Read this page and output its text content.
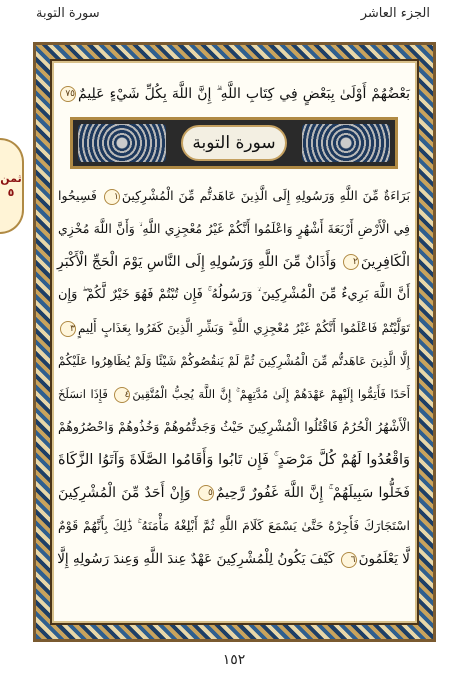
الجزء العاشر
سورة التوبة
ثمن
٥
سورة التوبة
بَعْضُهُمْ أَوْلَىٰ بِبَعْضٍ فِي كِتَابِ اللَّهِ ۗ إِنَّ اللَّهَ بِكُلِّ شَيْءٍ عَلِيمٌ٧٥
بَرَاءَةٌ مِّنَ اللَّهِ وَرَسُولِهِ إِلَى الَّذِينَ عَاهَدتُّم مِّنَ الْمُشْرِكِينَ١ فَسِيحُوا
فِي الْأَرْضِ أَرْبَعَةَ أَشْهُرٍ وَاعْلَمُوا أَنَّكُمْ غَيْرُ مُعْجِزِي اللَّهِ ۙ وَأَنَّ اللَّهَ مُخْزِي
الْكَافِرِينَ٢ وَأَذَانٌ مِّنَ اللَّهِ وَرَسُولِهِ إِلَى النَّاسِ يَوْمَ الْحَجِّ الْأَكْبَرِ
أَنَّ اللَّهَ بَرِيءٌ مِّنَ الْمُشْرِكِينَ ۙ وَرَسُولُهُ ۚ فَإِن تُبْتُمْ فَهُوَ خَيْرٌ لَّكُمْ ۖ وَإِن
تَوَلَّيْتُمْ فَاعْلَمُوا أَنَّكُمْ غَيْرُ مُعْجِزِي اللَّهِ ۗ وَبَشِّرِ الَّذِينَ كَفَرُوا بِعَذَابٍ أَلِيمٍ٣
إِلَّا الَّذِينَ عَاهَدتُّم مِّنَ الْمُشْرِكِينَ ثُمَّ لَمْ يَنقُصُوكُمْ شَيْئًا وَلَمْ يُظَاهِرُوا عَلَيْكُمْ
أَحَدًا فَأَتِمُّوا إِلَيْهِمْ عَهْدَهُمْ إِلَىٰ مُدَّتِهِمْ ۚ إِنَّ اللَّهَ يُحِبُّ الْمُتَّقِينَ٤ فَإِذَا انسَلَخَ
الْأَشْهُرُ الْحُرُمُ فَاقْتُلُوا الْمُشْرِكِينَ حَيْثُ وَجَدتُّمُوهُمْ وَخُذُوهُمْ وَاحْصُرُوهُمْ
وَاقْعُدُوا لَهُمْ كُلَّ مَرْصَدٍ ۚ فَإِن تَابُوا وَأَقَامُوا الصَّلَاةَ وَآتَوُا الزَّكَاةَ
فَخَلُّوا سَبِيلَهُمْ ۚ إِنَّ اللَّهَ غَفُورٌ رَّحِيمٌ٥ وَإِنْ أَحَدٌ مِّنَ الْمُشْرِكِينَ
اسْتَجَارَكَ فَأَجِرْهُ حَتَّىٰ يَسْمَعَ كَلَامَ اللَّهِ ثُمَّ أَبْلِغْهُ مَأْمَنَهُ ۚ ذَٰلِكَ بِأَنَّهُمْ قَوْمٌ
لَّا يَعْلَمُونَ٦ كَيْفَ يَكُونُ لِلْمُشْرِكِينَ عَهْدٌ عِندَ اللَّهِ وَعِندَ رَسُولِهِ إِلَّا
١٥٢
